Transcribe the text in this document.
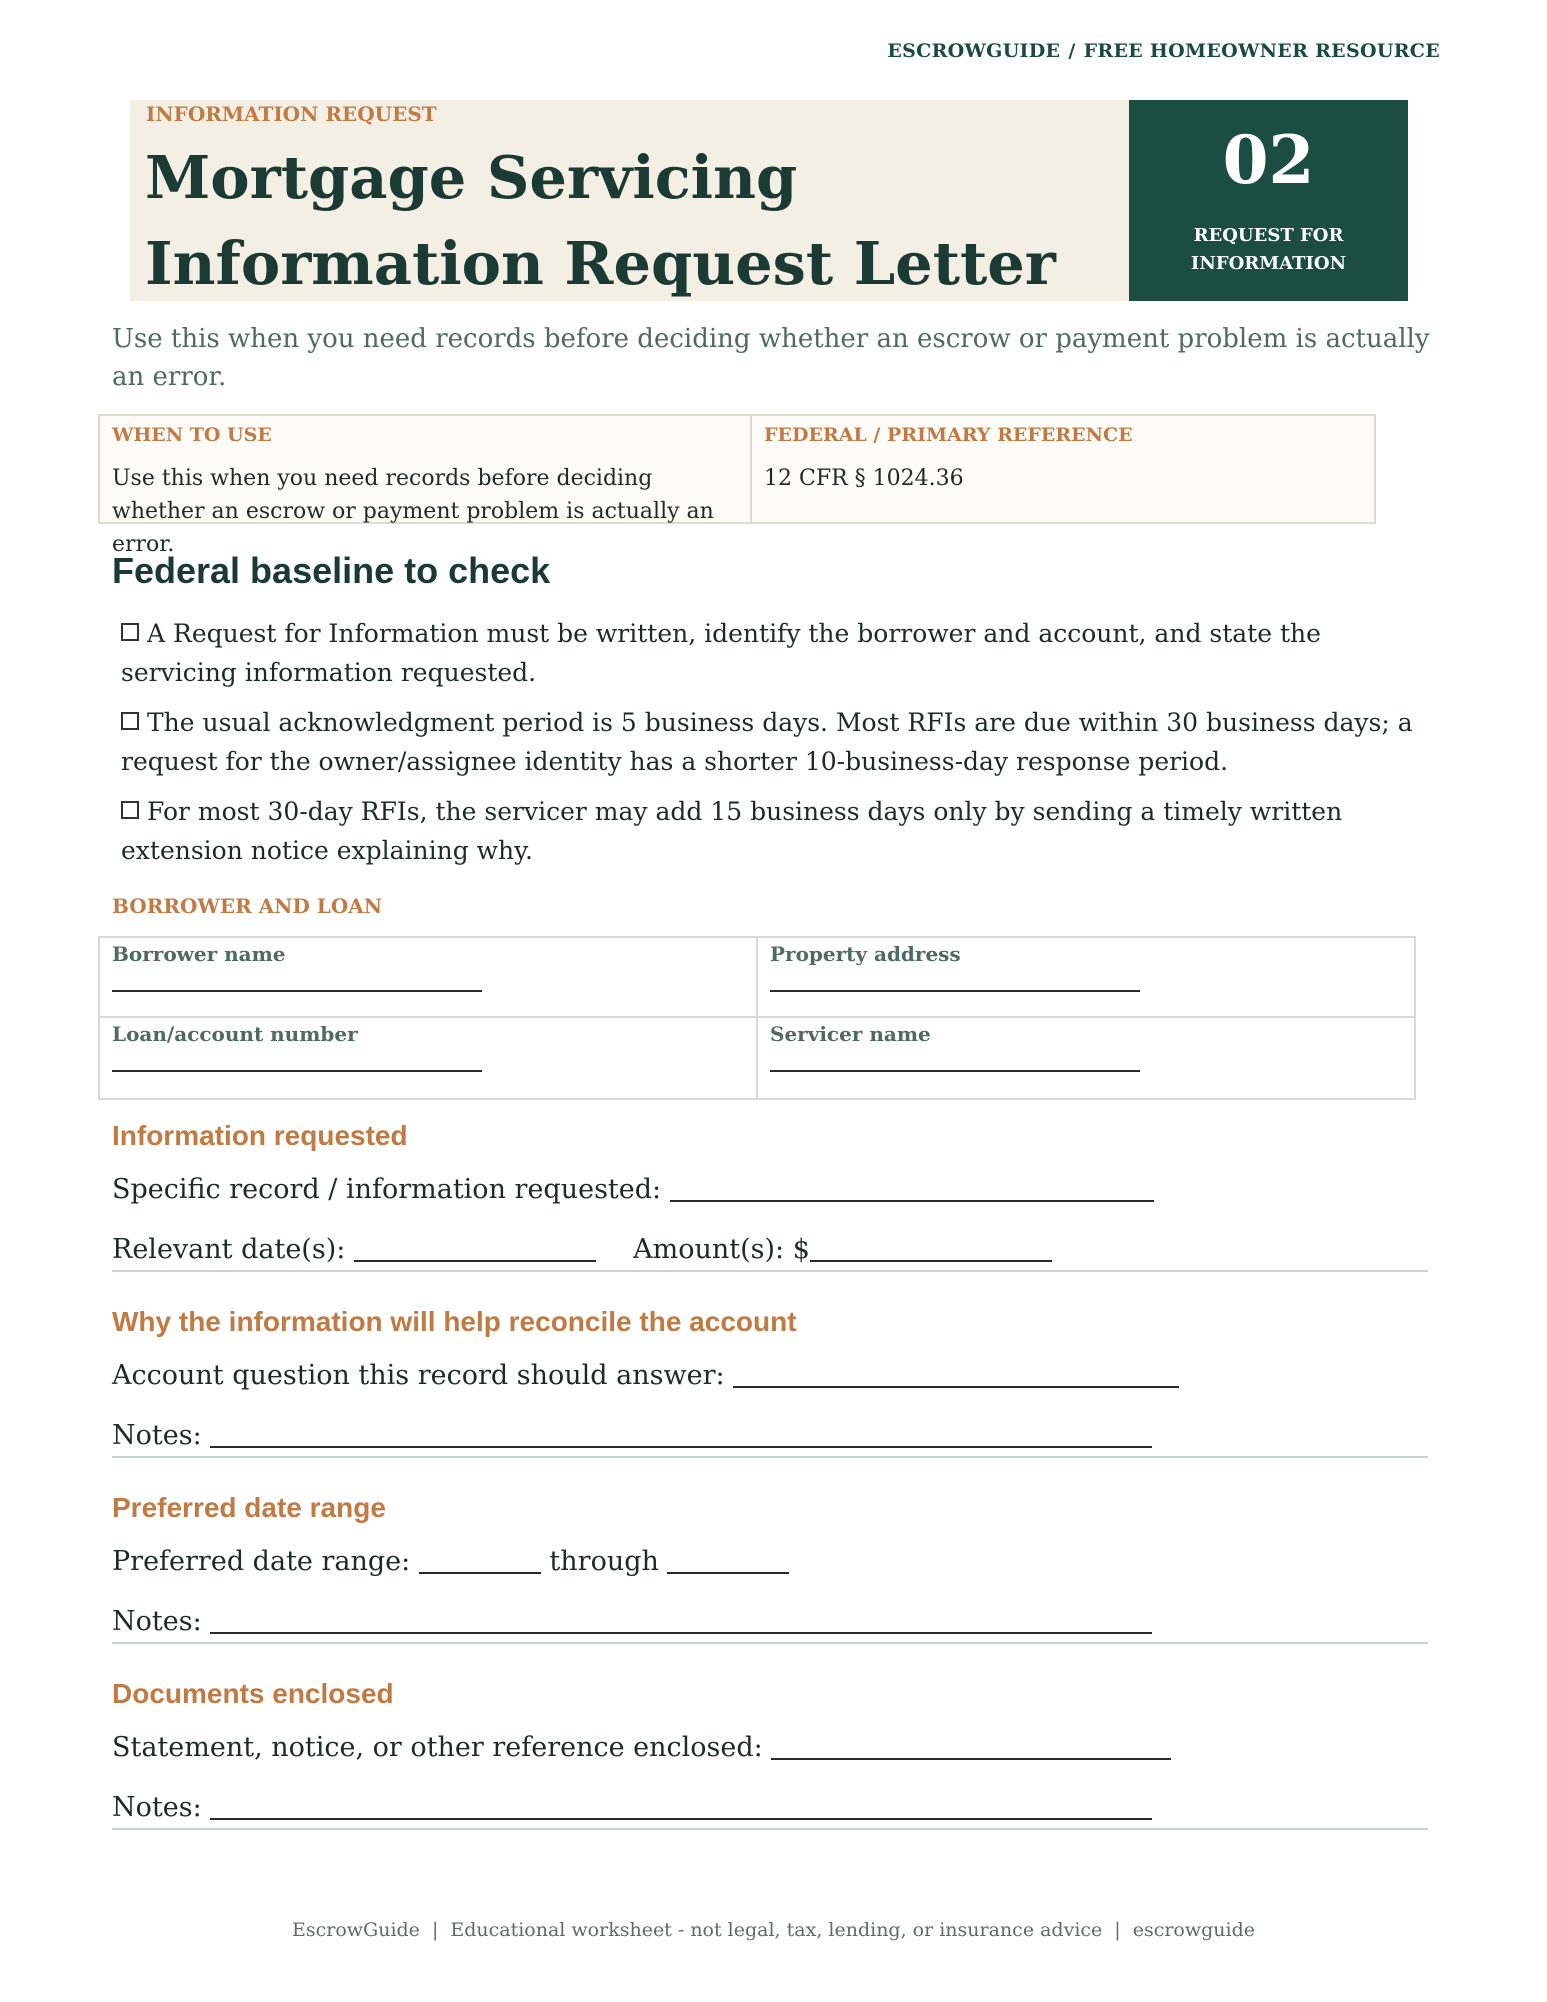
ESCROWGUIDE / FREE HOMEOWNER RESOURCE
INFORMATION REQUEST
Mortgage Servicing Information Request Letter
02
REQUEST FOR INFORMATION

Use this when you need records before deciding whether an escrow or payment problem is actually an error.

WHEN TO USE
Use this when you need records before deciding whether an escrow or payment problem is actually an error.
FEDERAL / PRIMARY REFERENCE
12 CFR § 1024.36
Federal baseline to check
A Request for Information must be written, identify the borrower and account, and state the servicing information requested.
The usual acknowledgment period is 5 business days. Most RFIs are due within 30 business days; a request for the owner/assignee identity has a shorter 10-business-day response period.
For most 30-day RFIs, the servicer may add 15 business days only by sending a timely written extension notice explaining why.
BORROWER AND LOAN
Borrower name	Property address
Loan/account number	Servicer name
Information requested
Specific record / information requested:
Relevant date(s):	Amount(s): $
Why the information will help reconcile the account
Account question this record should answer:
Notes:
Preferred date range
Preferred date range:	through
Notes:
Documents enclosed
Statement, notice, or other reference enclosed:
Notes:
EscrowGuide | Educational worksheet - not legal, tax, lending, or insurance advice | escrowguide
